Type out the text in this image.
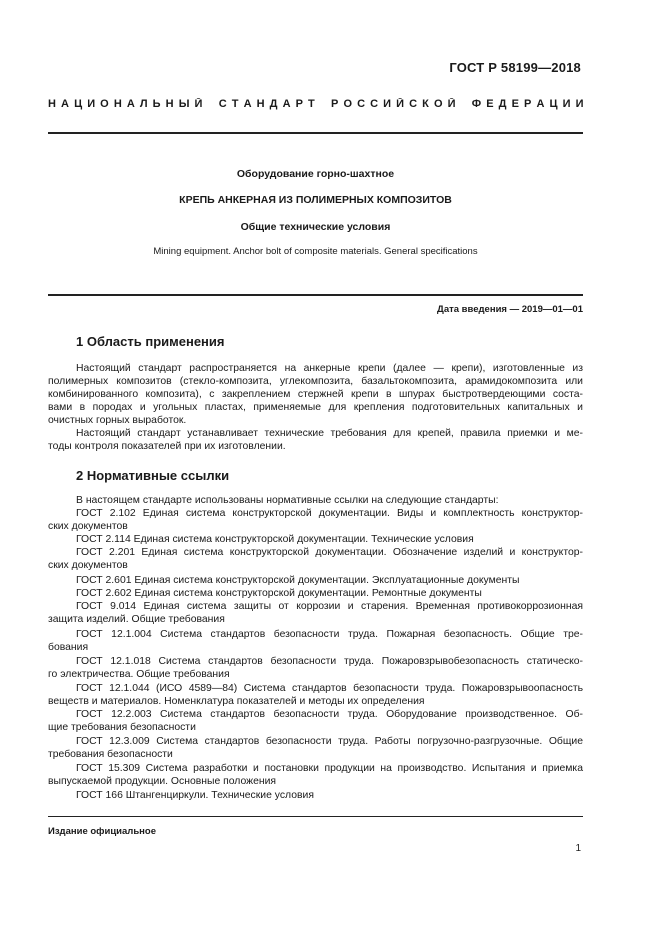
ГОСТ Р 58199—2018
Н А Ц И О Н А Л Ь Н Ы Й
С Т А Н Д А Р Т
Р О С С И Й С К О Й
Ф Е Д Е Р А Ц И И
Оборудование горно-шахтное
КРЕПЬ АНКЕРНАЯ ИЗ ПОЛИМЕРНЫХ КОМПОЗИТОВ
Общие технические условия
Mining equipment. Anchor bolt of composite materials. General specifications
Дата введения — 2019—01—01
1 Область применения
Настоящий стандарт распространяется на анкерные крепи (далее — крепи), изготовленные из
полимерных композитов (стекло-композита, углекомпозита, базальтокомпозита, арамидокомпозита или
комбинированного композита), с закреплением стержней крепи в шпурах быстротвердеющими соста-
вами в породах и угольных пластах, применяемые для крепления подготовительных капитальных и
очистных горных выработок.
Настоящий стандарт устанавливает технические требования для крепей, правила приемки и ме-
тоды контроля показателей при их изготовлении.
2 Нормативные ссылки
В настоящем стандарте использованы нормативные ссылки на следующие стандарты:
ГОСТ 2.102 Единая система конструкторской документации. Виды и комплектность конструктор-
ских документов
ГОСТ 2.114 Единая система конструкторской документации. Технические условия
ГОСТ 2.201 Единая система конструкторской документации. Обозначение изделий и конструктор-
ских документов
ГОСТ 2.601 Единая система конструкторской документации. Эксплуатационные документы
ГОСТ 2.602 Единая система конструкторской документации. Ремонтные документы
ГОСТ 9.014 Единая система защиты от коррозии и старения. Временная противокоррозионная
защита изделий. Общие требования
ГОСТ 12.1.004 Система стандартов безопасности труда. Пожарная безопасность. Общие тре-
бования
ГОСТ 12.1.018 Система стандартов безопасности труда. Пожаровзрывобезопасность статическо-
го электричества. Общие требования
ГОСТ 12.1.044 (ИСО 4589—84) Система стандартов безопасности труда. Пожаровзрывоопасность
веществ и материалов. Номенклатура показателей и методы их определения
ГОСТ 12.2.003 Система стандартов безопасности труда. Оборудование производственное. Об-
щие требования безопасности
ГОСТ 12.3.009 Система стандартов безопасности труда. Работы погрузочно-разгрузочные. Общие
требования безопасности
ГОСТ 15.309 Система разработки и постановки продукции на производство. Испытания и приемка
выпускаемой продукции. Основные положения
ГОСТ 166 Штангенциркули. Технические условия
Издание официальное
1
